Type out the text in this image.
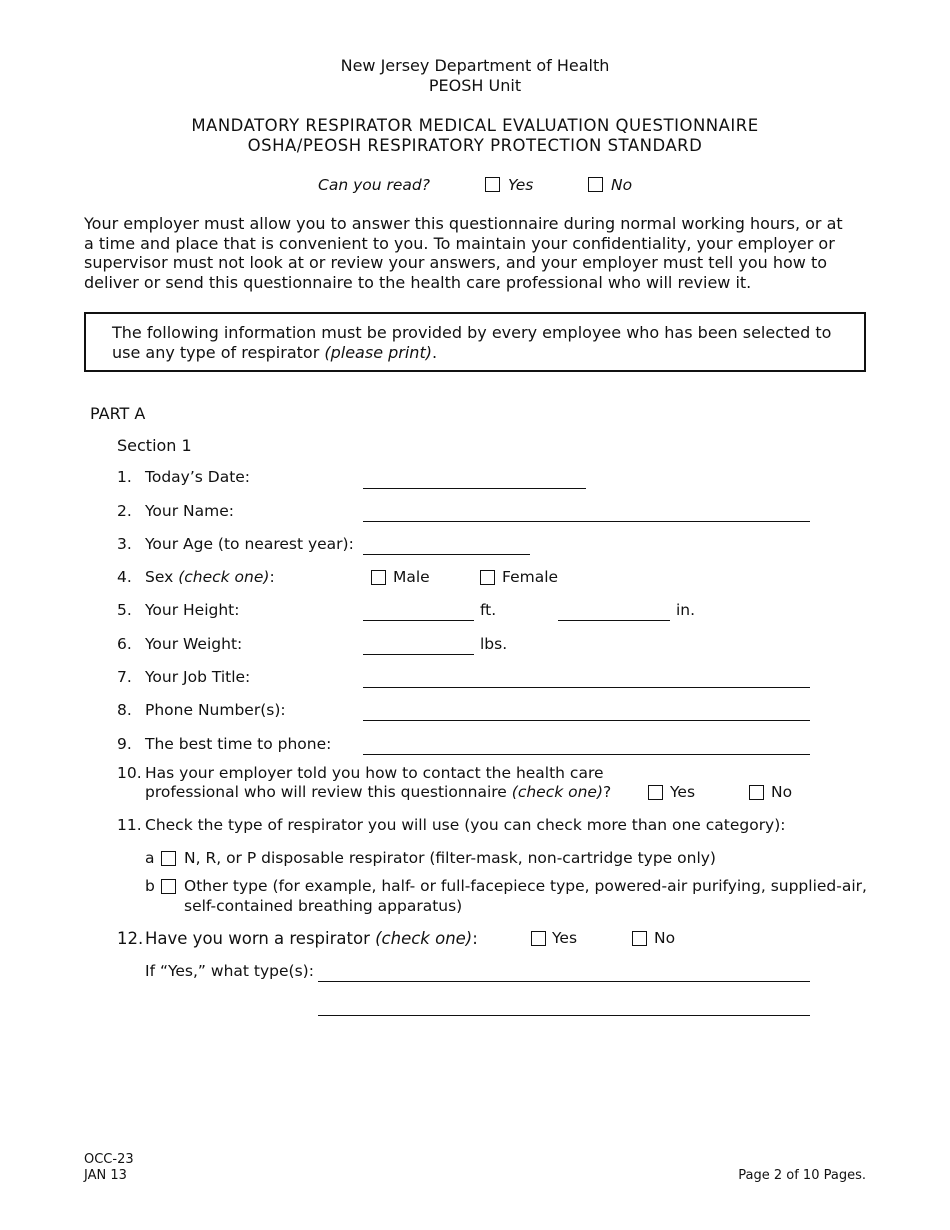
New Jersey Department of Health
PEOSH Unit
MANDATORY RESPIRATOR MEDICAL EVALUATION QUESTIONNAIRE
OSHA/PEOSH RESPIRATORY PROTECTION STANDARD
Can you read?	Yes	No
Your employer must allow you to answer this questionnaire during normal working hours, or at
a time and place that is convenient to you. To maintain your confidentiality, your employer or
supervisor must not look at or review your answers, and your employer must tell you how to
deliver or send this questionnaire to the health care professional who will review it.
The following information must be provided by every employee who has been selected to
use any type of respirator (please print).
PART A
Section 1
1. Today’s Date:
2. Your Name:
3. Your Age (to nearest year):
4. Sex (check one):	Male	Female
5. Your Height:	ft.	in.
6. Your Weight:	lbs.
7. Your Job Title:
8. Phone Number(s):
9. The best time to phone:
10. Has your employer told you how to contact the health care
professional who will review this questionnaire (check one)?	Yes	No
11. Check the type of respirator you will use (you can check more than one category):
a N, R, or P disposable respirator (filter-mask, non-cartridge type only)
b Other type (for example, half- or full-facepiece type, powered-air purifying, supplied-air,
self-contained breathing apparatus)
12. Have you worn a respirator (check one):	Yes	No
If “Yes,” what type(s):
OCC-23
JAN 13	Page 2 of 10 Pages.
